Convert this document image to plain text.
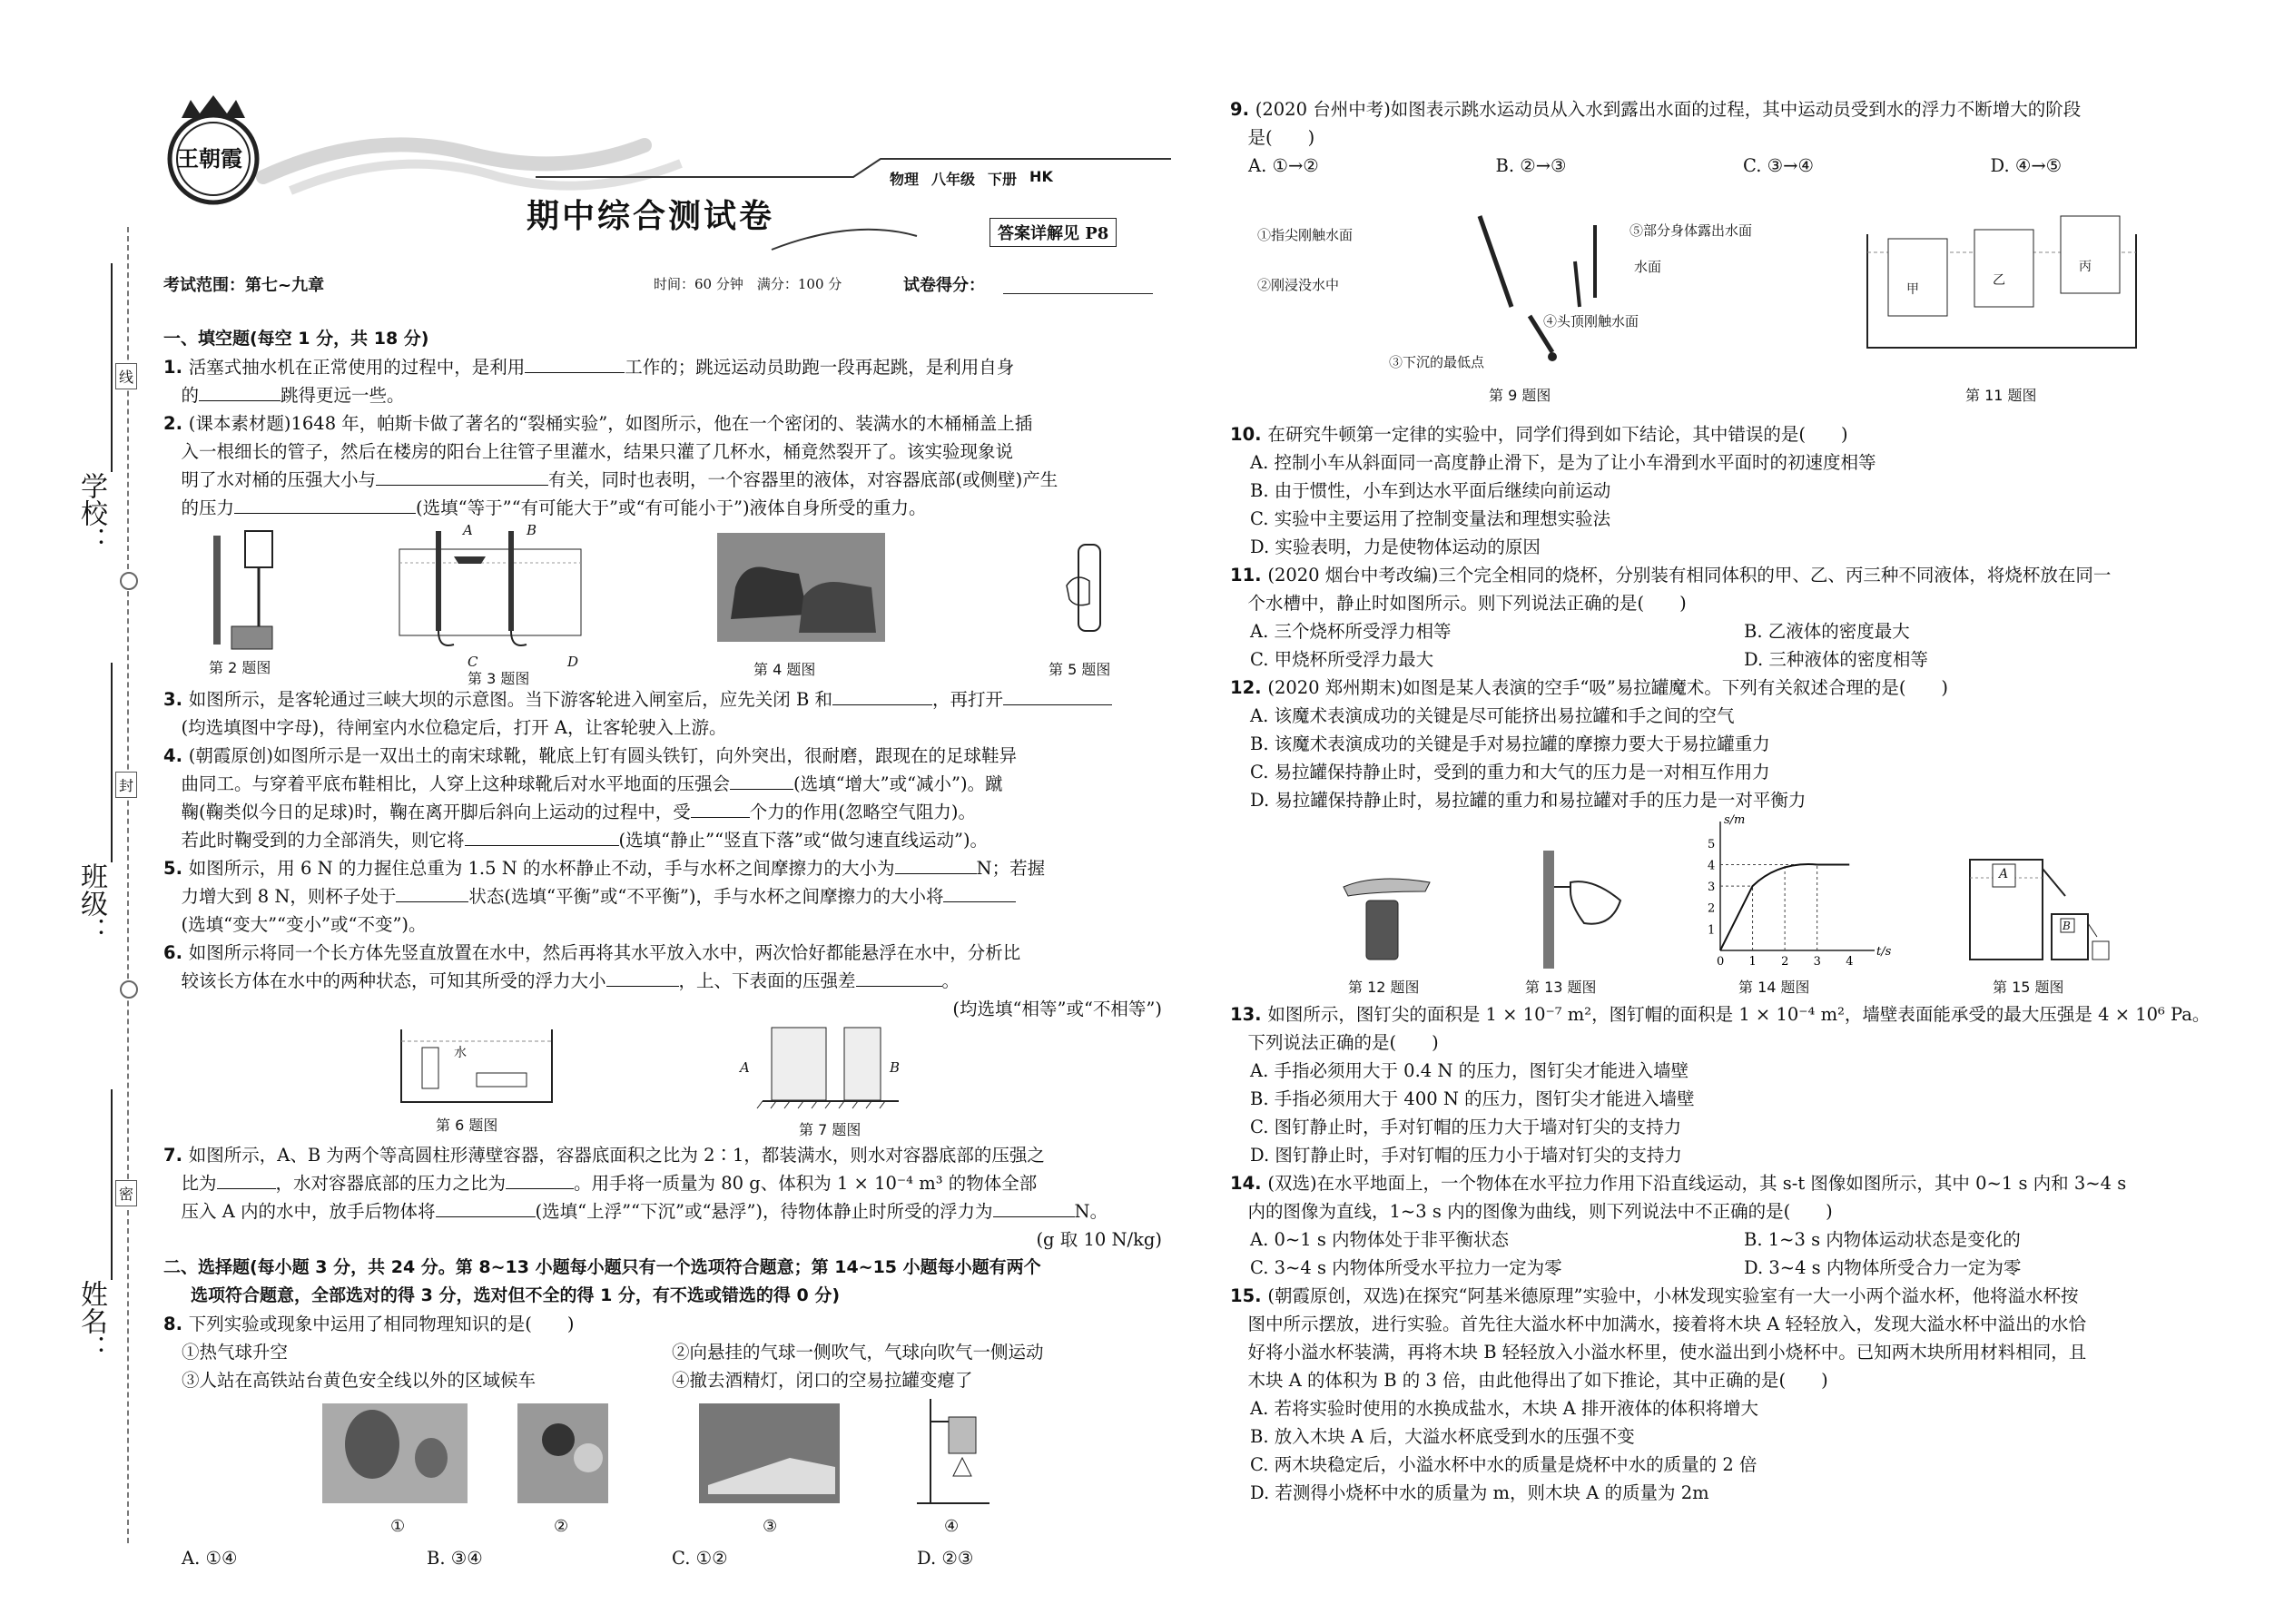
学校：
线
班级：
封
姓名：
密
王朝霞
期中综合测试卷
物理 八年级 下册 HK
答案详解见 P8
考试范围：第七~九章	时间：60 分钟　满分：100 分	试卷得分：
一、填空题(每空 1 分，共 18 分)
1. 活塞式抽水机在正常使用的过程中，是利用	工作的；跳远运动员助跑一段再起跳，是利用自身
　的	跳得更远一些。
2. (课本素材题)1648 年，帕斯卡做了著名的“裂桶实验”，如图所示，他在一个密闭的、装满水的木桶桶盖上插
　入一根细长的管子，然后在楼房的阳台上往管子里灌水，结果只灌了几杯水，桶竟然裂开了。该实验现象说
　明了水对桶的压强大小与	有关，同时也表明，一个容器里的液体，对容器底部(或侧壁)产生
　的压力	(选填“等于”“有可能大于”或“有可能小于”)液体自身所受的重力。
第 2 题图
A	B
C	D
第 3 题图
第 4 题图	第 5 题图
3. 如图所示，是客轮通过三峡大坝的示意图。当下游客轮进入闸室后，应先关闭 B 和	，再打开
　(均选填图中字母)，待闸室内水位稳定后，打开 A，让客轮驶入上游。
4. (朝霞原创)如图所示是一双出土的南宋球靴，靴底上钉有圆头铁钉，向外突出，很耐磨，跟现在的足球鞋异
　曲同工。与穿着平底布鞋相比，人穿上这种球靴后对水平地面的压强会	(选填“增大”或“减小”)。蹴
　鞠(鞠类似今日的足球)时，鞠在离开脚后斜向上运动的过程中，受	个力的作用(忽略空气阻力)。
　若此时鞠受到的力全部消失，则它将	(选填“静止”“竖直下落”或“做匀速直线运动”)。
5. 如图所示，用 6 N 的力握住总重为 1.5 N 的水杯静止不动，手与水杯之间摩擦力的大小为	N；若握
　力增大到 8 N，则杯子处于	状态(选填“平衡”或“不平衡”)，手与水杯之间摩擦力的大小将
　(选填“变大”“变小”或“不变”)。
6. 如图所示将同一个长方体先竖直放置在水中，然后再将其水平放入水中，两次恰好都能悬浮在水中，分析比
　较该长方体在水中的两种状态，可知其所受的浮力大小	，上、下表面的压强差	。

(均选填“相等”或“不相等”)
水
第 6 题图
A	B
第 7 题图
7. 如图所示，A、B 为两个等高圆柱形薄壁容器，容器底面积之比为 2∶1，都装满水，则水对容器底部的压强之
　比为	，水对容器底部的压力之比为	。用手将一质量为 80 g、体积为 1 × 10⁻⁴ m³ 的物体全部
　压入 A 内的水中，放手后物体将	(选填“上浮”“下沉”或“悬浮”)，待物体静止时所受的浮力为	N。

(g 取 10 N/kg)
二、选择题(每小题 3 分，共 24 分。第 8~13 小题每小题只有一个选项符合题意；第 14~15 小题每小题有两个
选项符合题意，全部选对的得 3 分，选对但不全的得 1 分，有不选或错选的得 0 分)
8. 下列实验或现象中运用了相同物理知识的是(　　)
①热气球升空	②向悬挂的气球一侧吹气，气球向吹气一侧运动
③人站在高铁站台黄色安全线以外的区域候车	④撤去酒精灯，闭口的空易拉罐变瘪了
①	②	③	④
A. ①④	B. ③④	C. ①②	D. ②③
9. (2020 台州中考)如图表示跳水运动员从入水到露出水面的过程，其中运动员受到水的浮力不断增大的阶段
　是(　　)
A. ①→②	B. ②→③	C. ③→④	D. ④→⑤
①指尖刚触水面
②刚浸没水中
③下沉的最低点
④头顶刚触水面
⑤部分身体露出水面
水面
第 9 题图
甲
乙
丙
第 11 题图
10. 在研究牛顿第一定律的实验中，同学们得到如下结论，其中错误的是(　　)
A. 控制小车从斜面同一高度静止滑下，是为了让小车滑到水平面时的初速度相等
B. 由于惯性，小车到达水平面后继续向前运动
C. 实验中主要运用了控制变量法和理想实验法
D. 实验表明，力是使物体运动的原因
11. (2020 烟台中考改编)三个完全相同的烧杯，分别装有相同体积的甲、乙、丙三种不同液体，将烧杯放在同一
　个水槽中，静止时如图所示。则下列说法正确的是(　　)
A. 三个烧杯所受浮力相等	B. 乙液体的密度最大
C. 甲烧杯所受浮力最大	D. 三种液体的密度相等
12. (2020 郑州期末)如图是某人表演的空手“吸”易拉罐魔术。下列有关叙述合理的是(　　)
A. 该魔术表演成功的关键是尽可能挤出易拉罐和手之间的空气
B. 该魔术表演成功的关键是手对易拉罐的摩擦力要大于易拉罐重力
C. 易拉罐保持静止时，受到的重力和大气的压力是一对相互作用力
D. 易拉罐保持静止时，易拉罐的重力和易拉罐对手的压力是一对平衡力
第 12 题图	第 13 题图
t/s
s/m
0 1 2 3 4
1
2
3
4
5
第 14 题图
A
B
第 15 题图
13. 如图所示，图钉尖的面积是 1 × 10⁻⁷ m²，图钉帽的面积是 1 × 10⁻⁴ m²，墙壁表面能承受的最大压强是 4 × 10⁶ Pa。
　下列说法正确的是(　　)
A. 手指必须用大于 0.4 N 的压力，图钉尖才能进入墙壁
B. 手指必须用大于 400 N 的压力，图钉尖才能进入墙壁
C. 图钉静止时，手对钉帽的压力大于墙对钉尖的支持力
D. 图钉静止时，手对钉帽的压力小于墙对钉尖的支持力
14. (双选)在水平地面上，一个物体在水平拉力作用下沿直线运动，其 s-t 图像如图所示，其中 0~1 s 内和 3~4 s
　内的图像为直线，1~3 s 内的图像为曲线，则下列说法中不正确的是(　　)
A. 0~1 s 内物体处于非平衡状态	B. 1~3 s 内物体运动状态是变化的
C. 3~4 s 内物体所受水平拉力一定为零	D. 3~4 s 内物体所受合力一定为零
15. (朝霞原创，双选)在探究“阿基米德原理”实验中，小林发现实验室有一大一小两个溢水杯，他将溢水杯按
　图中所示摆放，进行实验。首先往大溢水杯中加满水，接着将木块 A 轻轻放入，发现大溢水杯中溢出的水恰
　好将小溢水杯装满，再将木块 B 轻轻放入小溢水杯里，使水溢出到小烧杯中。已知两木块所用材料相同，且
　木块 A 的体积为 B 的 3 倍，由此他得出了如下推论，其中正确的是(　　)
A. 若将实验时使用的水换成盐水，木块 A 排开液体的体积将增大
B. 放入木块 A 后，大溢水杯底受到水的压强不变
C. 两木块稳定后，小溢水杯中水的质量是烧杯中水的质量的 2 倍
D. 若测得小烧杯中水的质量为 m，则木块 A 的质量为 2m
